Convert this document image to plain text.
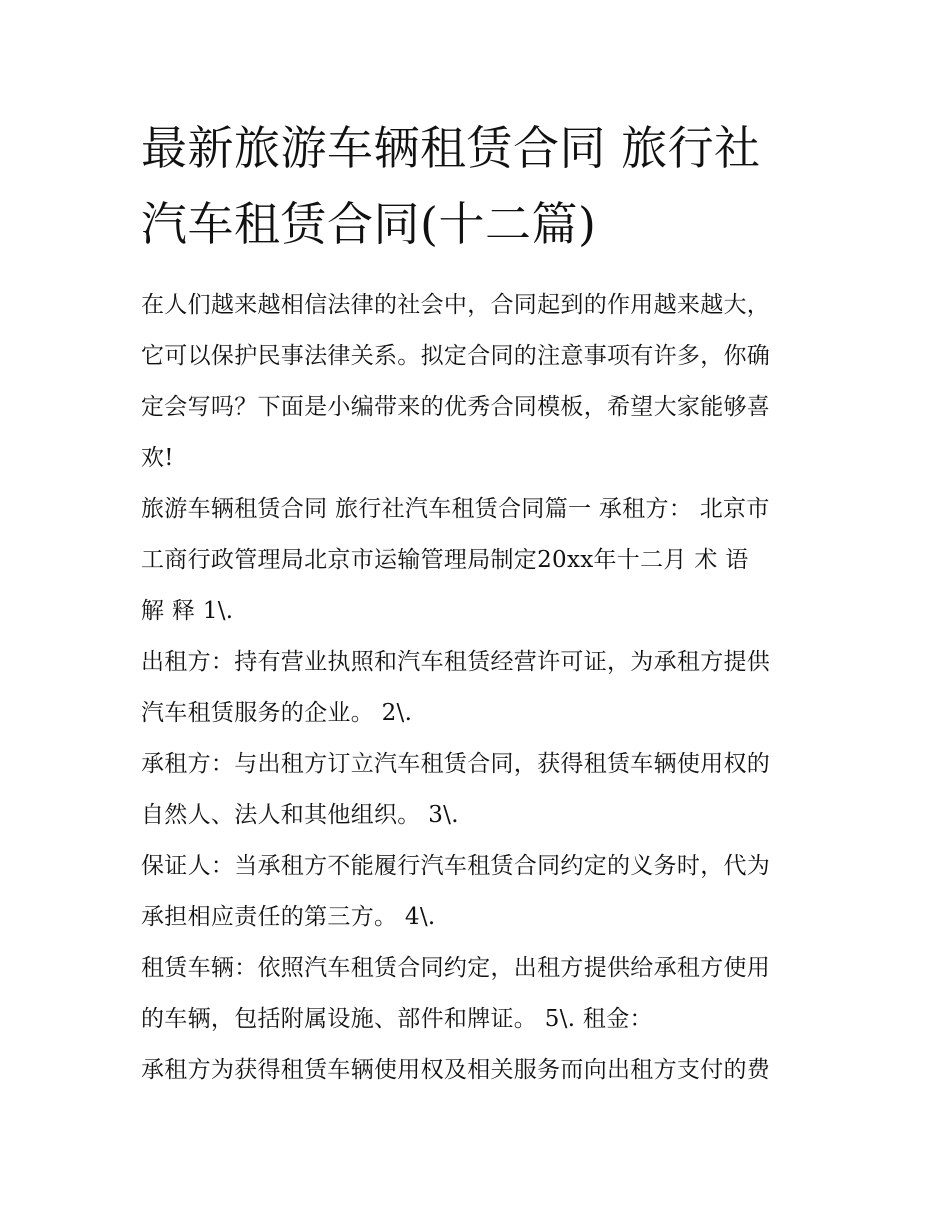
最新旅游车辆租赁合同 旅行社
汽车租赁合同(十二篇)

在人们越来越相信法律的社会中，合同起到的作用越来越大，
它可以保护民事法律关系。拟定合同的注意事项有许多，你确
定会写吗？下面是小编带来的优秀合同模板，希望大家能够喜
欢!

旅游车辆租赁合同 旅行社汽车租赁合同篇一 承租方： 北京市
工商行政管理局北京市运输管理局制定20xx年十二月 术 语
解 释 1\.

出租方：持有营业执照和汽车租赁经营许可证，为承租方提供
汽车租赁服务的企业。 2\.

承租方：与出租方订立汽车租赁合同，获得租赁车辆使用权的
自然人、法人和其他组织。 3\.

保证人：当承租方不能履行汽车租赁合同约定的义务时，代为
承担相应责任的第三方。 4\.

租赁车辆：依照汽车租赁合同约定，出租方提供给承租方使用
的车辆，包括附属设施、部件和牌证。 5\. 租金：

承租方为获得租赁车辆使用权及相关服务而向出租方支付的费
